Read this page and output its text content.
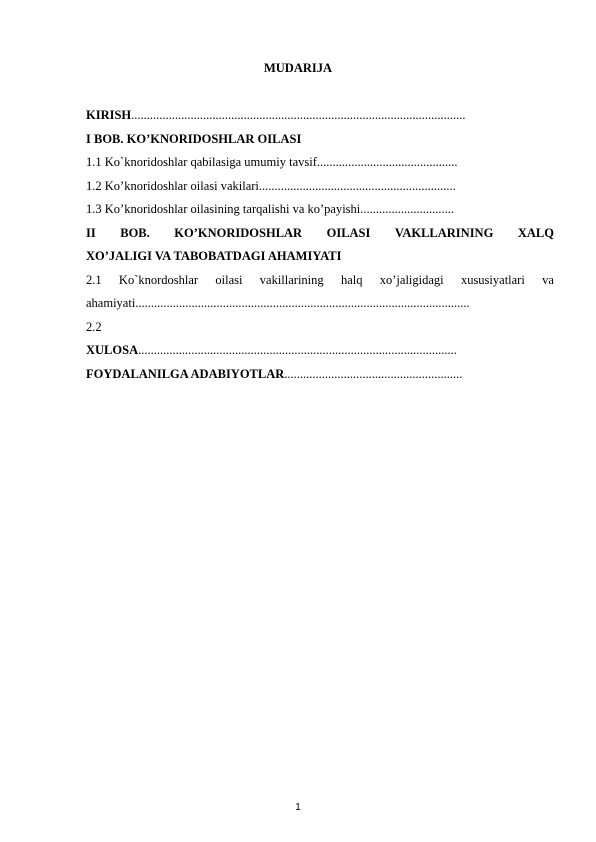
MUDARIJA
KIRISH...........................................................................................................
I BOB. KO’KNORIDOSHLAR OILASI
1.1 Ko`knoridoshlar qabilasiga umumiy tavsif.............................................
1.2 Ko’knoridoshlar oilasi vakilari...............................................................
1.3 Ko’knoridoshlar oilasining tarqalishi va ko’payishi..............................
II BOB. KO’KNORIDOSHLAR OILASI VAKLLARINING XALQ
XO’JALIGI VA TABOBATDAGI AHAMIYATI
2.1 Ko`knordoshlar oilasi vakillarining halq xo’jaligidagi xususiyatlari va
ahamiyati...........................................................................................................
2.2
XULOSA......................................................................................................
FOYDALANILGA ADABIYOTLAR.........................................................
1
